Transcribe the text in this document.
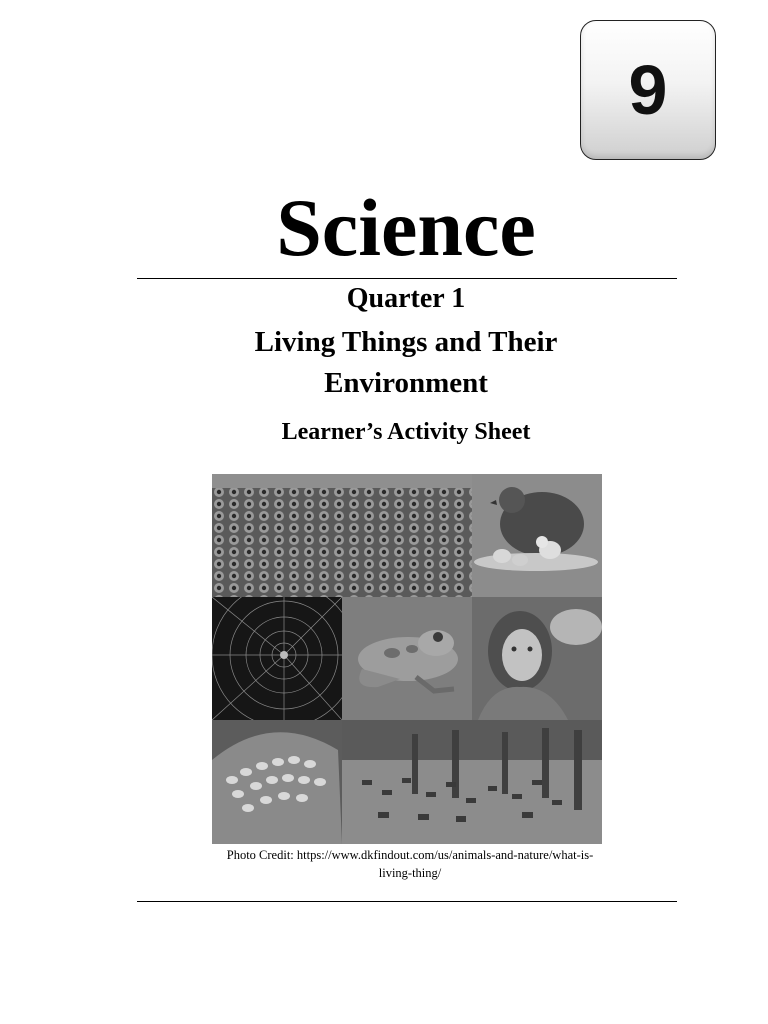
9
Science
Quarter 1
Living Things and Their
Environment
Learner’s Activity Sheet
Photo Credit: https://www.dkfindout.com/us/animals-and-nature/what-is-
living-thing/
